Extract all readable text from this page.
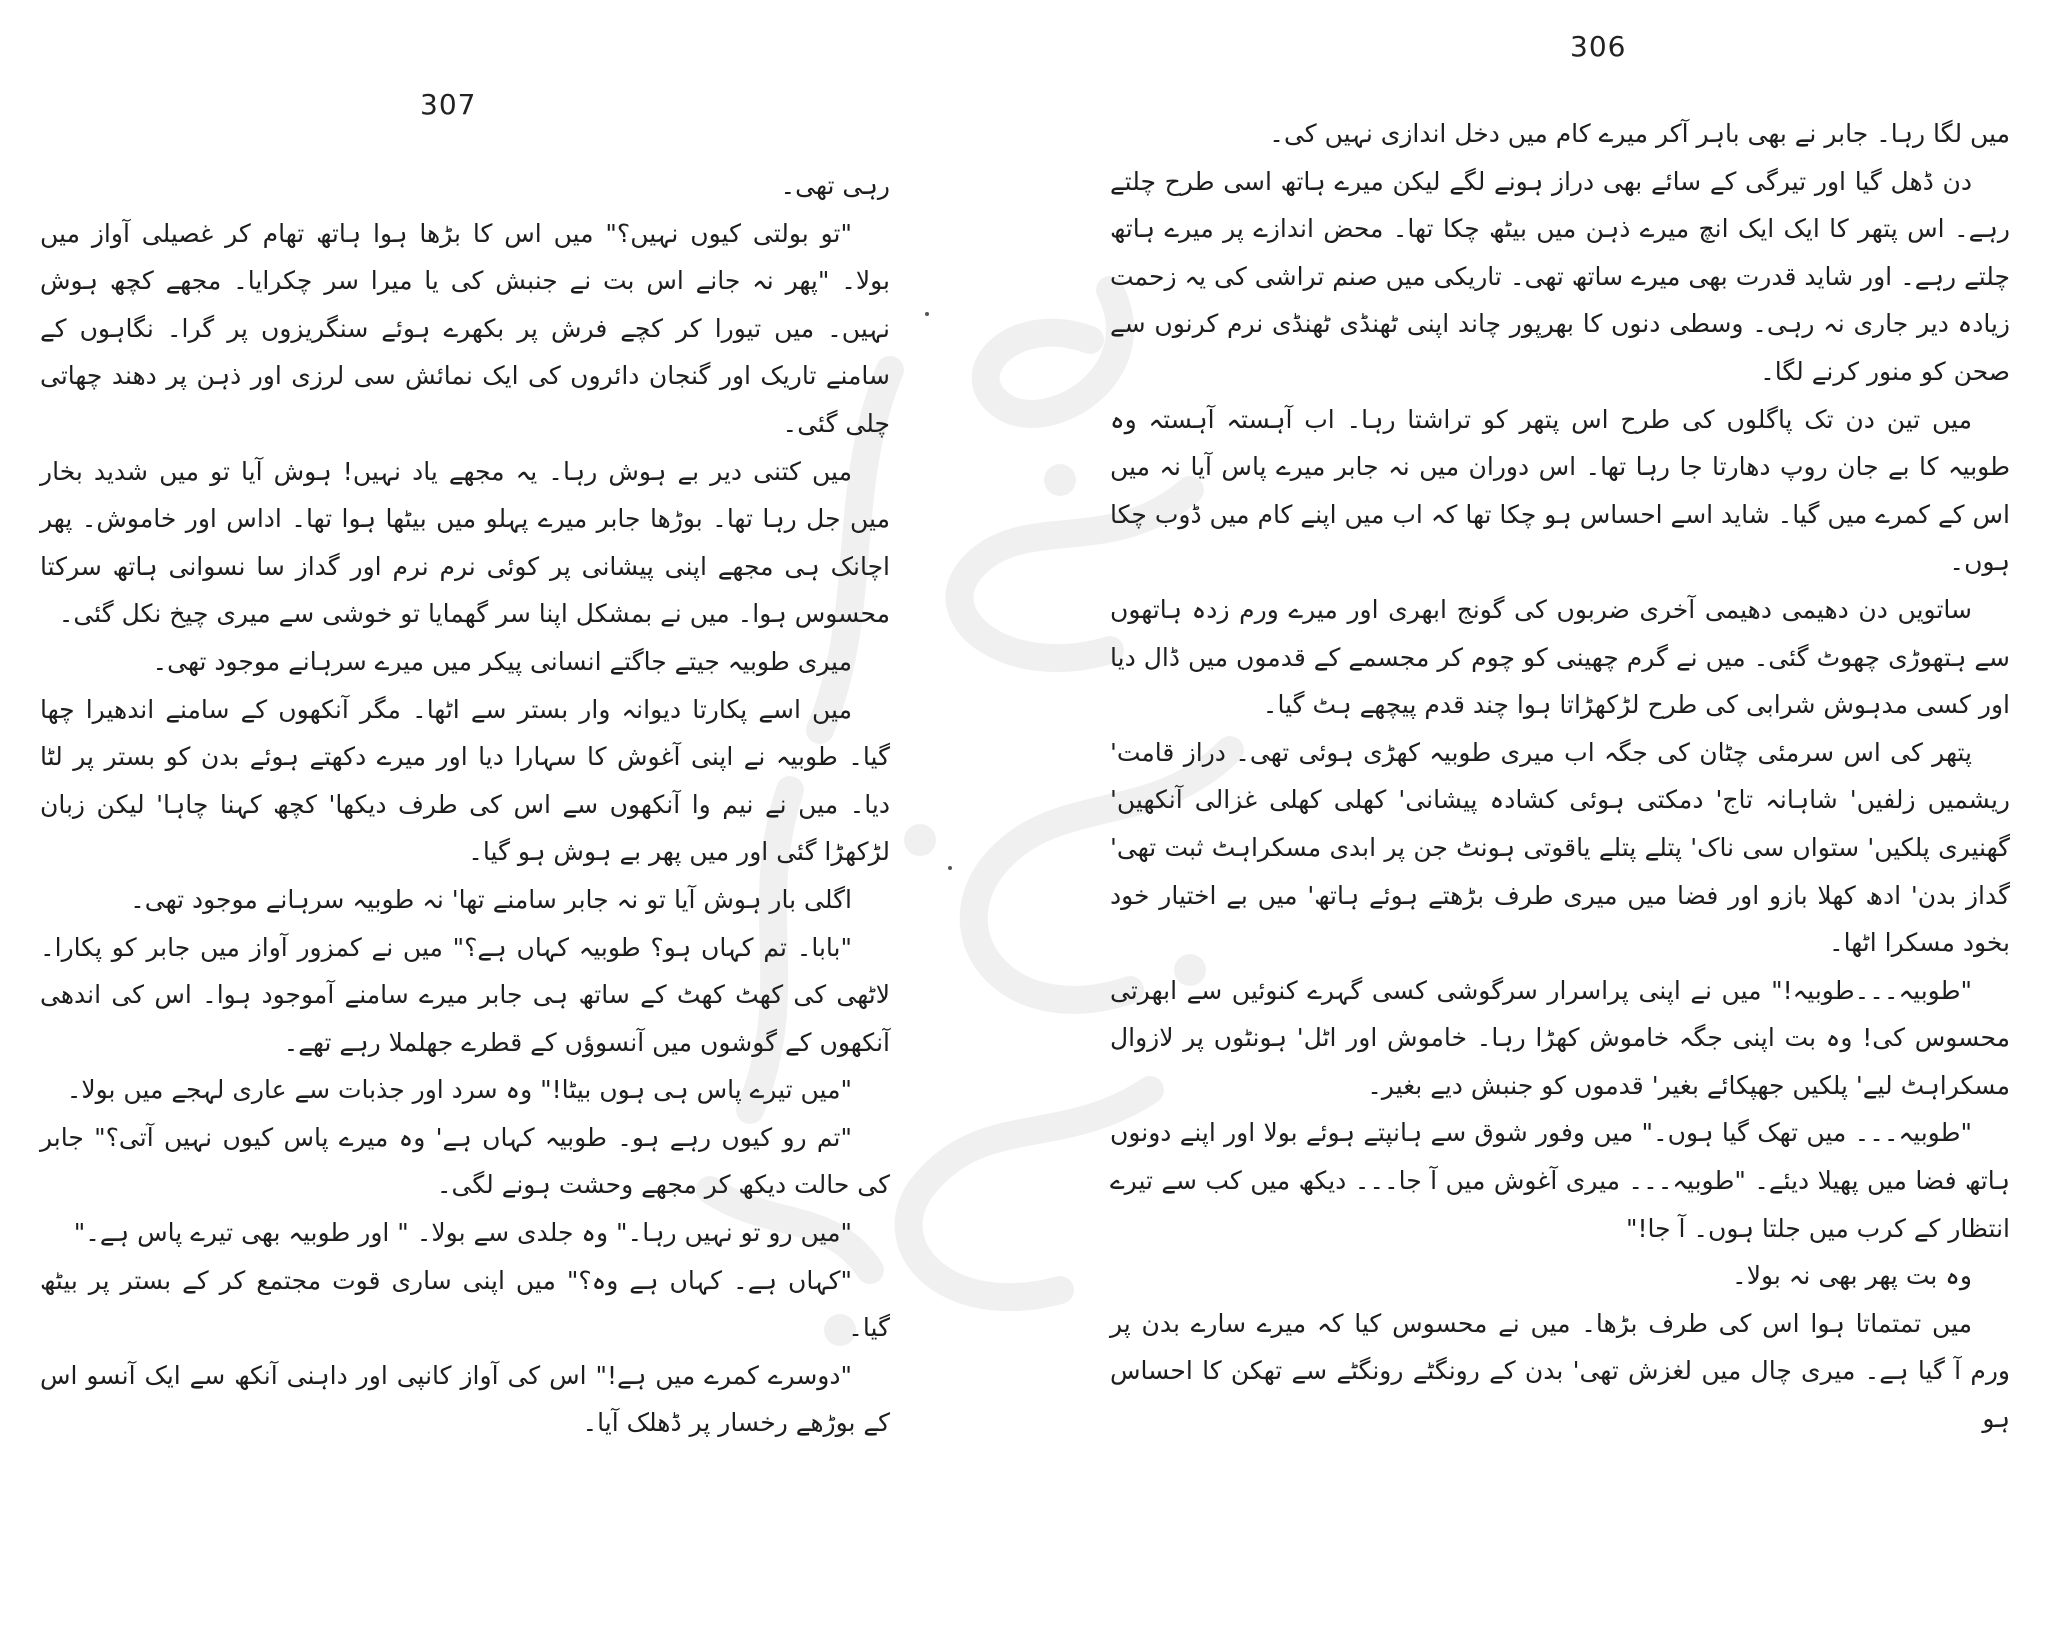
307

رہی تھی۔

"تو بولتی کیوں نہیں؟" میں اس کا بڑھا ہوا ہاتھ تھام کر غصیلی آواز میں بولا۔ "پھر نہ جانے اس بت نے جنبش کی یا میرا سر چکرایا۔ مجھے کچھ ہوش نہیں۔ میں تیورا کر کچے فرش پر بکھرے ہوئے سنگریزوں پر گرا۔ نگاہوں کے سامنے تاریک اور گنجان دائروں کی ایک نمائش سی لرزی اور ذہن پر دھند چھاتی چلی گئی۔

میں کتنی دیر بے ہوش رہا۔ یہ مجھے یاد نہیں! ہوش آیا تو میں شدید بخار میں جل رہا تھا۔ بوڑھا جابر میرے پہلو میں بیٹھا ہوا تھا۔ اداس اور خاموش۔ پھر اچانک ہی مجھے اپنی پیشانی پر کوئی نرم نرم اور گداز سا نسوانی ہاتھ سرکتا محسوس ہوا۔ میں نے بمشکل اپنا سر گھمایا تو خوشی سے میری چیخ نکل گئی۔

میری طوبیہ جیتے جاگتے انسانی پیکر میں میرے سرہانے موجود تھی۔

میں اسے پکارتا دیوانہ وار بستر سے اٹھا۔ مگر آنکھوں کے سامنے اندھیرا چھا گیا۔ طوبیہ نے اپنی آغوش کا سہارا دیا اور میرے دکھتے ہوئے بدن کو بستر پر لٹا دیا۔ میں نے نیم وا آنکھوں سے اس کی طرف دیکھا' کچھ کہنا چاہا' لیکن زبان لڑکھڑا گئی اور میں پھر بے ہوش ہو گیا۔

اگلی بار ہوش آیا تو نہ جابر سامنے تھا' نہ طوبیہ سرہانے موجود تھی۔

"بابا۔ تم کہاں ہو؟ طوبیہ کہاں ہے؟" میں نے کمزور آواز میں جابر کو پکارا۔ لاٹھی کی کھٹ کھٹ کے ساتھ ہی جابر میرے سامنے آموجود ہوا۔ اس کی اندھی آنکھوں کے گوشوں میں آنسوؤں کے قطرے جھلملا رہے تھے۔

"میں تیرے پاس ہی ہوں بیٹا!" وہ سرد اور جذبات سے عاری لہجے میں بولا۔

"تم رو کیوں رہے ہو۔ طوبیہ کہاں ہے' وہ میرے پاس کیوں نہیں آتی؟" جابر کی حالت دیکھ کر مجھے وحشت ہونے لگی۔

"میں رو تو نہیں رہا۔" وہ جلدی سے بولا۔ " اور طوبیہ بھی تیرے پاس ہے۔"

"کہاں ہے۔ کہاں ہے وہ؟" میں اپنی ساری قوت مجتمع کر کے بستر پر بیٹھ گیا۔

"دوسرے کمرے میں ہے!" اس کی آواز کانپی اور داہنی آنکھ سے ایک آنسو اس کے بوڑھے رخسار پر ڈھلک آیا۔

306

میں لگا رہا۔ جابر نے بھی باہر آکر میرے کام میں دخل اندازی نہیں کی۔

دن ڈھل گیا اور تیرگی کے سائے بھی دراز ہونے لگے لیکن میرے ہاتھ اسی طرح چلتے رہے۔ اس پتھر کا ایک ایک انچ میرے ذہن میں بیٹھ چکا تھا۔ محض اندازے پر میرے ہاتھ چلتے رہے۔ اور شاید قدرت بھی میرے ساتھ تھی۔ تاریکی میں صنم تراشی کی یہ زحمت زیادہ دیر جاری نہ رہی۔ وسطی دنوں کا بھرپور چاند اپنی ٹھنڈی ٹھنڈی نرم کرنوں سے صحن کو منور کرنے لگا۔

میں تین دن تک پاگلوں کی طرح اس پتھر کو تراشتا رہا۔ اب آہستہ آہستہ وہ طوبیہ کا بے جان روپ دھارتا جا رہا تھا۔ اس دوران میں نہ جابر میرے پاس آیا نہ میں اس کے کمرے میں گیا۔ شاید اسے احساس ہو چکا تھا کہ اب میں اپنے کام میں ڈوب چکا ہوں۔

ساتویں دن دھیمی دھیمی آخری ضربوں کی گونج ابھری اور میرے ورم زدہ ہاتھوں سے ہتھوڑی چھوٹ گئی۔ میں نے گرم چھینی کو چوم کر مجسمے کے قدموں میں ڈال دیا اور کسی مدہوش شرابی کی طرح لڑکھڑاتا ہوا چند قدم پیچھے ہٹ گیا۔

پتھر کی اس سرمئی چٹان کی جگہ اب میری طوبیہ کھڑی ہوئی تھی۔ دراز قامت' ریشمیں زلفیں' شاہانہ تاج' دمکتی ہوئی کشادہ پیشانی' کھلی کھلی غزالی آنکھیں' گھنیری پلکیں' ستواں سی ناک' پتلے پتلے یاقوتی ہونٹ جن پر ابدی مسکراہٹ ثبت تھی' گداز بدن' ادھ کھلا بازو اور فضا میں میری طرف بڑھتے ہوئے ہاتھ' میں بے اختیار خود بخود مسکرا اٹھا۔

"طوبیہ۔۔۔طوبیہ!" میں نے اپنی پراسرار سرگوشی کسی گہرے کنوئیں سے ابھرتی محسوس کی! وہ بت اپنی جگہ خاموش کھڑا رہا۔ خاموش اور اٹل' ہونٹوں پر لازوال مسکراہٹ لیے' پلکیں جھپکائے بغیر' قدموں کو جنبش دیے بغیر۔

"طوبیہ۔۔۔ میں تھک گیا ہوں۔" میں وفور شوق سے ہانپتے ہوئے بولا اور اپنے دونوں ہاتھ فضا میں پھیلا دیئے۔ "طوبیہ۔۔۔ میری آغوش میں آ جا۔۔۔ دیکھ میں کب سے تیرے انتظار کے کرب میں جلتا ہوں۔ آ جا!"

وہ بت پھر بھی نہ بولا۔

میں تمتماتا ہوا اس کی طرف بڑھا۔ میں نے محسوس کیا کہ میرے سارے بدن پر ورم آ گیا ہے۔ میری چال میں لغزش تھی' بدن کے رونگٹے رونگٹے سے تھکن کا احساس ہو
